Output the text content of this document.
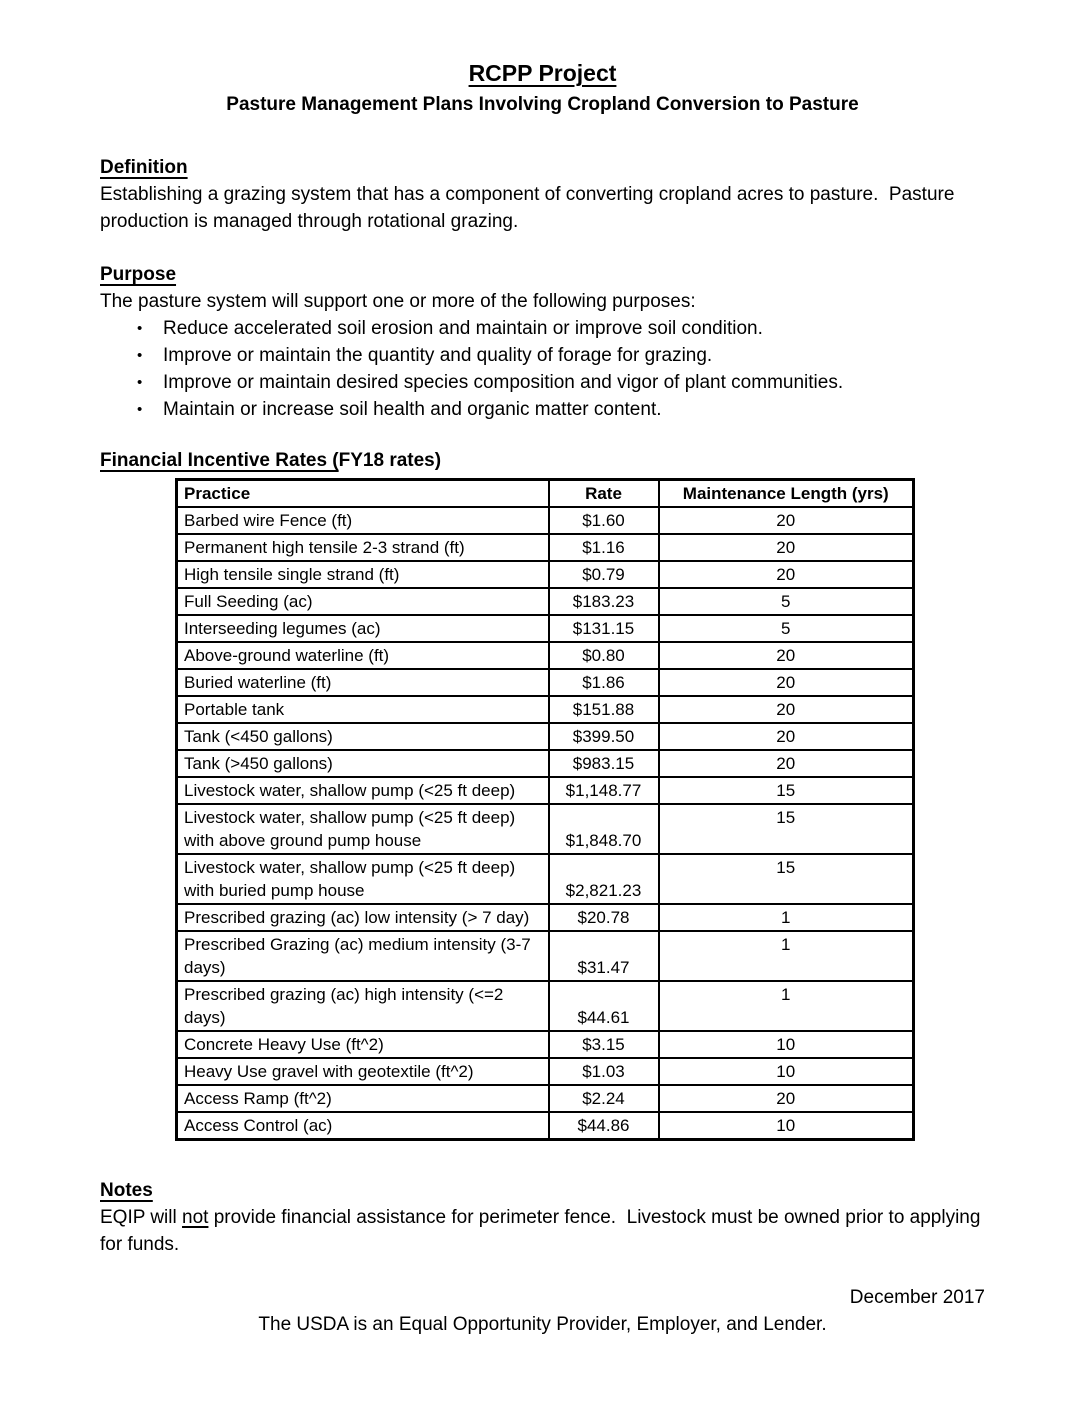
RCPP Project
Pasture Management Plans Involving Cropland Conversion to Pasture
Definition

Establishing a grazing system that has a component of converting cropland acres to pasture.  Pasture production is managed through rotational grazing.

Purpose

The pasture system will support one or more of the following purposes:

•	Reduce accelerated soil erosion and maintain or improve soil condition.
•	Improve or maintain the quantity and quality of forage for grazing.
•	Improve or maintain desired species composition and vigor of plant communities.
•	Maintain or increase soil health and organic matter content.
Financial Incentive Rates (FY18 rates)
Practice	Rate	Maintenance Length (yrs)
Barbed wire Fence (ft)	$1.60	20
Permanent high tensile 2-3 strand (ft)	$1.16	20
High tensile single strand (ft)	$0.79	20
Full Seeding (ac)	$183.23	5
Interseeding legumes (ac)	$131.15	5
Above-ground waterline (ft)	$0.80	20
Buried waterline (ft)	$1.86	20
Portable tank	$151.88	20
Tank (<450 gallons)	$399.50	20
Tank (>450 gallons)	$983.15	20
Livestock water, shallow pump (<25 ft deep)	$1,148.77	15
Livestock water, shallow pump (<25 ft deep) with above ground pump house	$1,848.70	15
Livestock water, shallow pump (<25 ft deep) with buried pump house	$2,821.23	15
Prescribed grazing (ac) low intensity (> 7 day)	$20.78	1
Prescribed Grazing (ac) medium intensity (3-7 days)	$31.47	1
Prescribed grazing (ac) high intensity (<=2 days)	$44.61	1
Concrete Heavy Use (ft^2)	$3.15	10
Heavy Use gravel with geotextile (ft^2)	$1.03	10
Access Ramp (ft^2)	$2.24	20
Access Control (ac)	$44.86	10
Notes

EQIP will not provide financial assistance for perimeter fence.  Livestock must be owned prior to applying for funds.

December 2017
The USDA is an Equal Opportunity Provider, Employer, and Lender.
